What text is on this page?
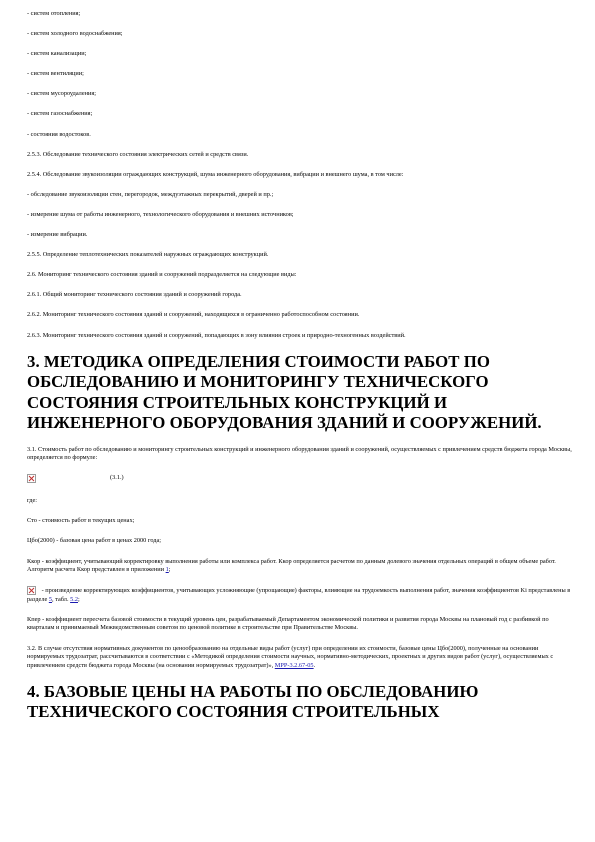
- систем отопления;
- систем холодного водоснабжения;
- систем канализации;
- систем вентиляции;
- систем мусороудаления;
- систем газоснабжения;
- состояния водостоков.
2.5.3. Обследование технического состояния электрических сетей и средств связи.
2.5.4. Обследование звукоизоляции ограждающих конструкций, шума инженерного оборудования, вибрации и внешнего шума, в том числе:
- обследование звукоизоляции стен, перегородок, междуэтажных перекрытий, дверей и пр.;
- измерение шума от работы инженерного, технологического оборудования и внешних источников;
- измерение вибрации.
2.5.5. Определение теплотехнических показателей наружных ограждающих конструкций.
2.6. Мониторинг технического состояния зданий и сооружений подразделяется на следующие виды:
2.6.1. Общий мониторинг технического состояния зданий и сооружений города.
2.6.2. Мониторинг технического состояния зданий и сооружений, находящихся в ограниченно работоспособном состоянии.
2.6.3. Мониторинг технического состояния зданий и сооружений, попадающих в зону влияния строек и природно-техногенных воздействий.
3. МЕТОДИКА ОПРЕДЕЛЕНИЯ СТОИМОСТИ РАБОТ ПО ОБСЛЕДОВАНИЮ И МОНИТОРИНГУ ТЕХНИЧЕСКОГО СОСТОЯНИЯ СТРОИТЕЛЬНЫХ КОНСТРУКЦИЙ И ИНЖЕНЕРНОГО ОБОРУДОВАНИЯ ЗДАНИЙ И СООРУЖЕНИЙ.
3.1. Стоимость работ по обследованию и мониторингу строительных конструкций и инженерного оборудования зданий и сооружений, осуществляемых с привлечением средств бюджета города Москвы, определяется по формуле:
(3.1.)
где:
Сто - стоимость работ в текущих ценах;
Цбо(2000) - базовая цена работ в ценах 2000 года;
Ккор - коэффициент, учитывающий корректировку выполнения работы или комплекса работ. Ккор определяется расчетом по данным долевого значения отдельных операций в общем объеме работ. Алгоритм расчета Ккор представлен в приложении 1;
- произведение корректирующих коэффициентов, учитывающих усложняющие (упрощающие) факторы, влияющие на трудоемкость выполнения работ, значения коэффициентов Ki представлены в разделе 5, табл. 5.2;
Кпер - коэффициент пересчета базовой стоимости в текущий уровень цен, разрабатываемый Департаментом экономической политики и развития города Москвы на плановый год с разбивкой по кварталам и принимаемый Межведомственным советом по ценовой политике в строительстве при Правительстве Москвы.
3.2. В случае отсутствия нормативных документов по ценообразованию на отдельные виды работ (услуг) при определении их стоимости, базовые цены Цбо(2000), полученные на основании нормируемых трудозатрат, рассчитываются в соответствии с «Методикой определения стоимости научных, нормативно-методических, проектных и других видов работ (услуг), осуществляемых с привлечением средств бюджета города Москвы (на основании нормируемых трудозатрат)», МРР-3.2.67-05.
4. БАЗОВЫЕ ЦЕНЫ НА РАБОТЫ ПО ОБСЛЕДОВАНИЮ ТЕХНИЧЕСКОГО СОСТОЯНИЯ СТРОИТЕЛЬНЫХ
